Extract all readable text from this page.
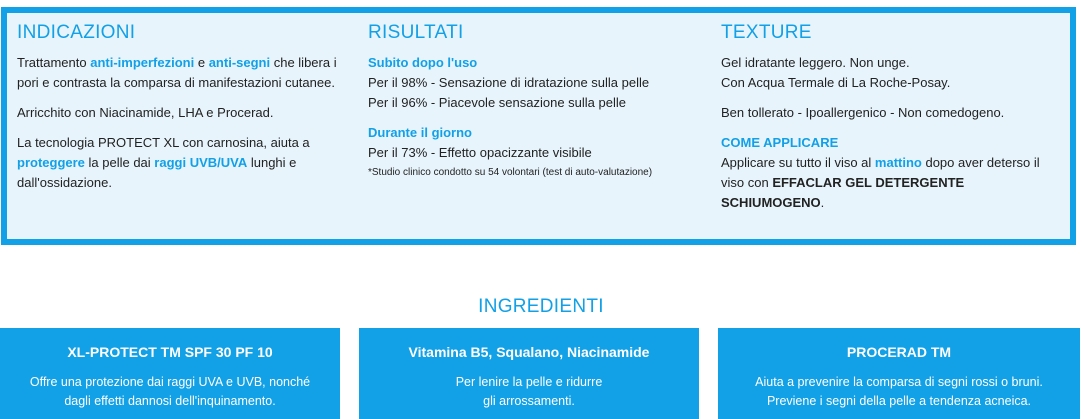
INDICAZIONI

Trattamento anti-imperfezioni e anti-segni che libera i pori e contrasta la comparsa di manifestazioni cutanee.

Arricchito con Niacinamide, LHA e Procerad.

La tecnologia PROTECT XL con carnosina, aiuta a proteggere la pelle dai raggi UVB/UVA lunghi e dall'ossidazione.

RISULTATI
Subito dopo l'uso
Per il 98% - Sensazione di idratazione sulla pelle
Per il 96% - Piacevole sensazione sulla pelle
Durante il giorno
Per il 73% - Effetto opacizzante visibile

*Studio clinico condotto su 54 volontari (test di auto-valutazione)

TEXTURE
Gel idratante leggero. Non unge.
Con Acqua Termale di La Roche-Posay.
Ben tollerato - Ipoallergenico - Non comedogeno.
COME APPLICARE
Applicare su tutto il viso al mattino dopo aver deterso il viso con EFFACLAR GEL DETERGENTE SCHIUMOGENO.
INGREDIENTI
XL-PROTECT TM SPF 30 PF 10
Offre una protezione dai raggi UVA e UVB, nonché
dagli effetti dannosi dell'inquinamento.
Vitamina B5, Squalano, Niacinamide
Per lenire la pelle e ridurre
gli arrossamenti.
PROCERAD TM
Aiuta a prevenire la comparsa di segni rossi o bruni.
Previene i segni della pelle a tendenza acneica.
